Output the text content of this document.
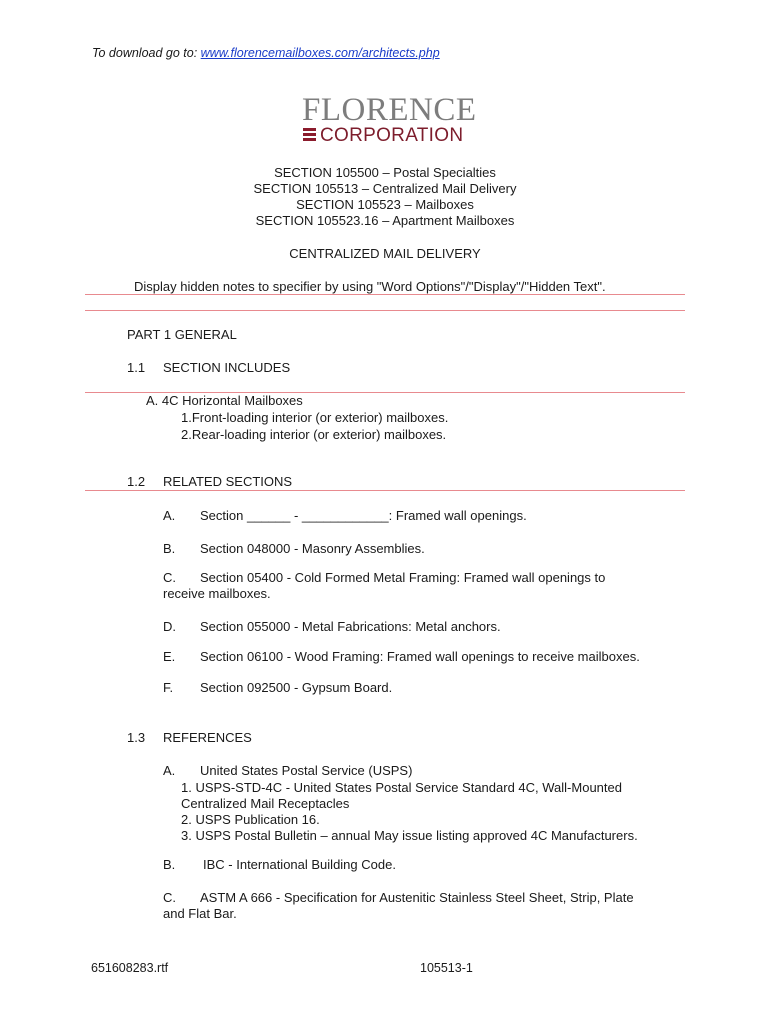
To download go to: www.florencemailboxes.com/architects.php
FLORENCE
CORPORATION
SECTION 105500 – Postal Specialties
SECTION 105513 – Centralized Mail Delivery
SECTION 105523 – Mailboxes
SECTION 105523.16 – Apartment Mailboxes
CENTRALIZED MAIL DELIVERY
Display hidden notes to specifier by using "Word Options"/"Display"/"Hidden Text".
PART 1 GENERAL
1.1 SECTION INCLUDES
A. 4C Horizontal Mailboxes
1.Front-loading interior (or exterior) mailboxes.
2.Rear-loading interior (or exterior) mailboxes.
1.2 RELATED SECTIONS
A. Section ______ - ____________: Framed wall openings.
B. Section 048000 - Masonry Assemblies.
C. Section 05400 - Cold Formed Metal Framing: Framed wall openings to
receive mailboxes.
D. Section 055000 - Metal Fabrications: Metal anchors.
E. Section 06100 - Wood Framing: Framed wall openings to receive mailboxes.
F. Section 092500 - Gypsum Board.
1.3 REFERENCES
A. United States Postal Service (USPS)
1. USPS-STD-4C - United States Postal Service Standard 4C, Wall-Mounted
Centralized Mail Receptacles
2. USPS Publication 16.
3. USPS Postal Bulletin – annual May issue listing approved 4C Manufacturers.
B. IBC - International Building Code.
C. ASTM A 666 - Specification for Austenitic Stainless Steel Sheet, Strip, Plate
and Flat Bar.
651608283.rtf	105513-1
